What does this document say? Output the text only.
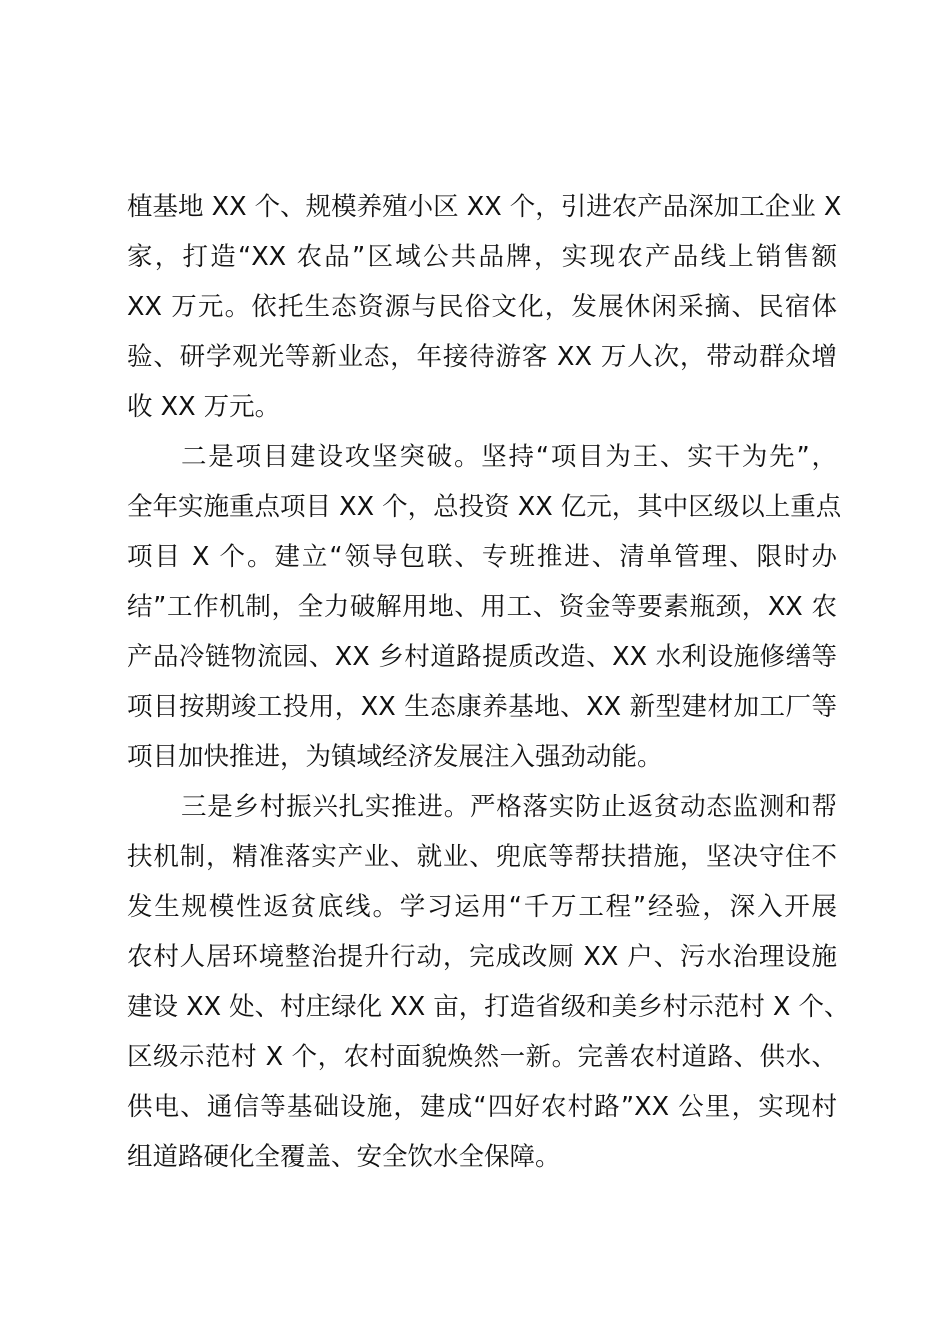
植基地 XX 个、规模养殖小区 XX 个，引进农产品深加工企业 X
家，打造“XX 农品”区域公共品牌，实现农产品线上销售额
XX 万元。依托生态资源与民俗文化，发展休闲采摘、民宿体
验、研学观光等新业态，年接待游客 XX 万人次，带动群众增
收 XX 万元。
二是项目建设攻坚突破。坚持“项目为王、实干为先”，
全年实施重点项目 XX 个，总投资 XX 亿元，其中区级以上重点
项目 X 个。建立“领导包联、专班推进、清单管理、限时办
结”工作机制，全力破解用地、用工、资金等要素瓶颈，XX 农
产品冷链物流园、XX 乡村道路提质改造、XX 水利设施修缮等
项目按期竣工投用，XX 生态康养基地、XX 新型建材加工厂等
项目加快推进，为镇域经济发展注入强劲动能。
三是乡村振兴扎实推进。严格落实防止返贫动态监测和帮
扶机制，精准落实产业、就业、兜底等帮扶措施，坚决守住不
发生规模性返贫底线。学习运用“千万工程”经验，深入开展
农村人居环境整治提升行动，完成改厕 XX 户、污水治理设施
建设 XX 处、村庄绿化 XX 亩，打造省级和美乡村示范村 X 个、
区级示范村 X 个，农村面貌焕然一新。完善农村道路、供水、
供电、通信等基础设施，建成“四好农村路”XX 公里，实现村
组道路硬化全覆盖、安全饮水全保障。
